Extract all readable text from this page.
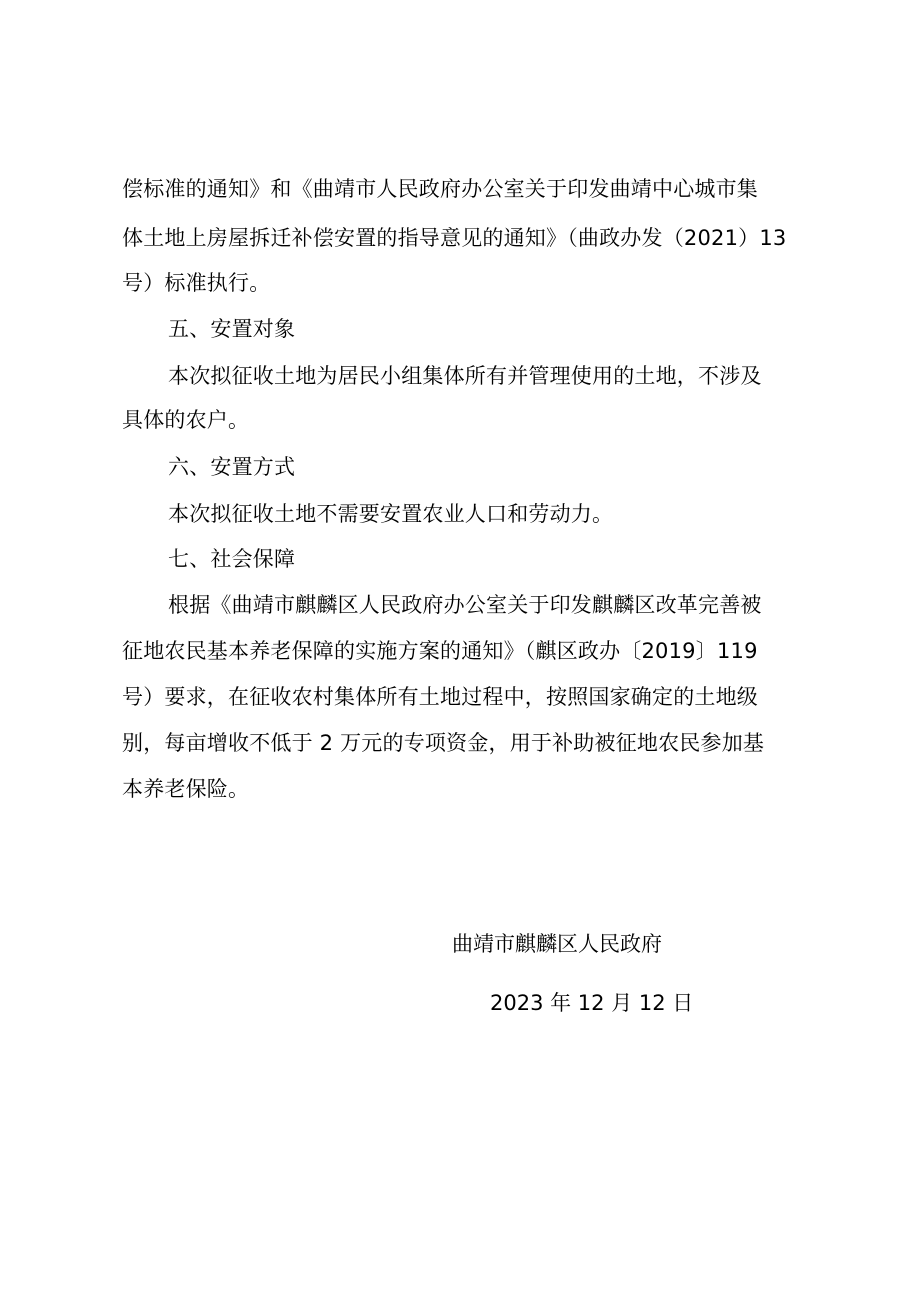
偿标准的通知》和《曲靖市人民政府办公室关于印发曲靖中心城市集
体土地上房屋拆迁补偿安置的指导意见的通知》（曲政办发（2021）13
号）标准执行。
五、安置对象
本次拟征收土地为居民小组集体所有并管理使用的土地，不涉及
具体的农户。
六、安置方式
本次拟征收土地不需要安置农业人口和劳动力。
七、社会保障
根据《曲靖市麒麟区人民政府办公室关于印发麒麟区改革完善被
征地农民基本养老保障的实施方案的通知》（麒区政办〔2019〕119
号）要求，在征收农村集体所有土地过程中，按照国家确定的土地级
别，每亩增收不低于 2 万元的专项资金，用于补助被征地农民参加基
本养老保险。
曲靖市麒麟区人民政府
2023 年 12 月 12 日
